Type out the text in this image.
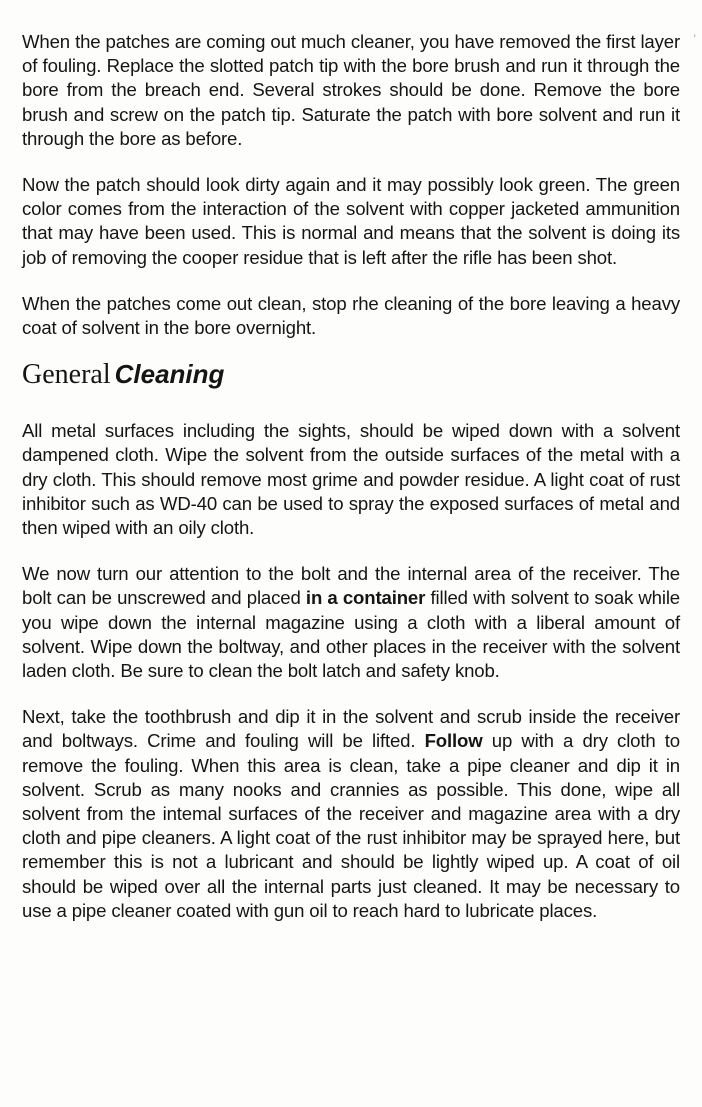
'

When the patches are coming out much cleaner, you have removed the first layer of fouling. Replace the slotted patch tip with the bore brush and run it through the bore from the breach end. Several strokes should be done. Remove the bore brush and screw on the patch tip. Saturate the patch with bore solvent and run it through the bore as before.

Now the patch should look dirty again and it may possibly look green. The green color comes from the interaction of the solvent with copper jacketed ammunition that may have been used. This is normal and means that the solvent is doing its job of removing the cooper residue that is left after the rifle has been shot.

When the patches come out clean, stop rhe cleaning of the bore leaving a heavy coat of solvent in the bore overnight.

General Cleaning

All metal surfaces including the sights, should be wiped down with a solvent dampened cloth. Wipe the solvent from the outside surfaces of the metal with a dry cloth. This should remove most grime and powder residue. A light coat of rust inhibitor such as WD-40 can be used to spray the exposed surfaces of metal and then wiped with an oily cloth.

We now turn our attention to the bolt and the internal area of the receiver. The bolt can be unscrewed and placed in a container filled with solvent to soak while you wipe down the internal magazine using a cloth with a liberal amount of solvent. Wipe down the boltway, and other places in the receiver with the solvent laden cloth. Be sure to clean the bolt latch and safety knob.

Next, take the toothbrush and dip it in the solvent and scrub inside the receiver and boltways. Crime and fouling will be lifted. Follow up with a dry cloth to remove the fouling. When this area is clean, take a pipe cleaner and dip it in solvent. Scrub as many nooks and crannies as possible. This done, wipe all solvent from the intemal surfaces of the receiver and magazine area with a dry cloth and pipe cleaners. A light coat of the rust inhibitor may be sprayed here, but remember this is not a lubricant and should be lightly wiped up. A coat of oil should be wiped over all the internal parts just cleaned. It may be necessary to use a pipe cleaner coated with gun oil to reach hard to lubricate places.
